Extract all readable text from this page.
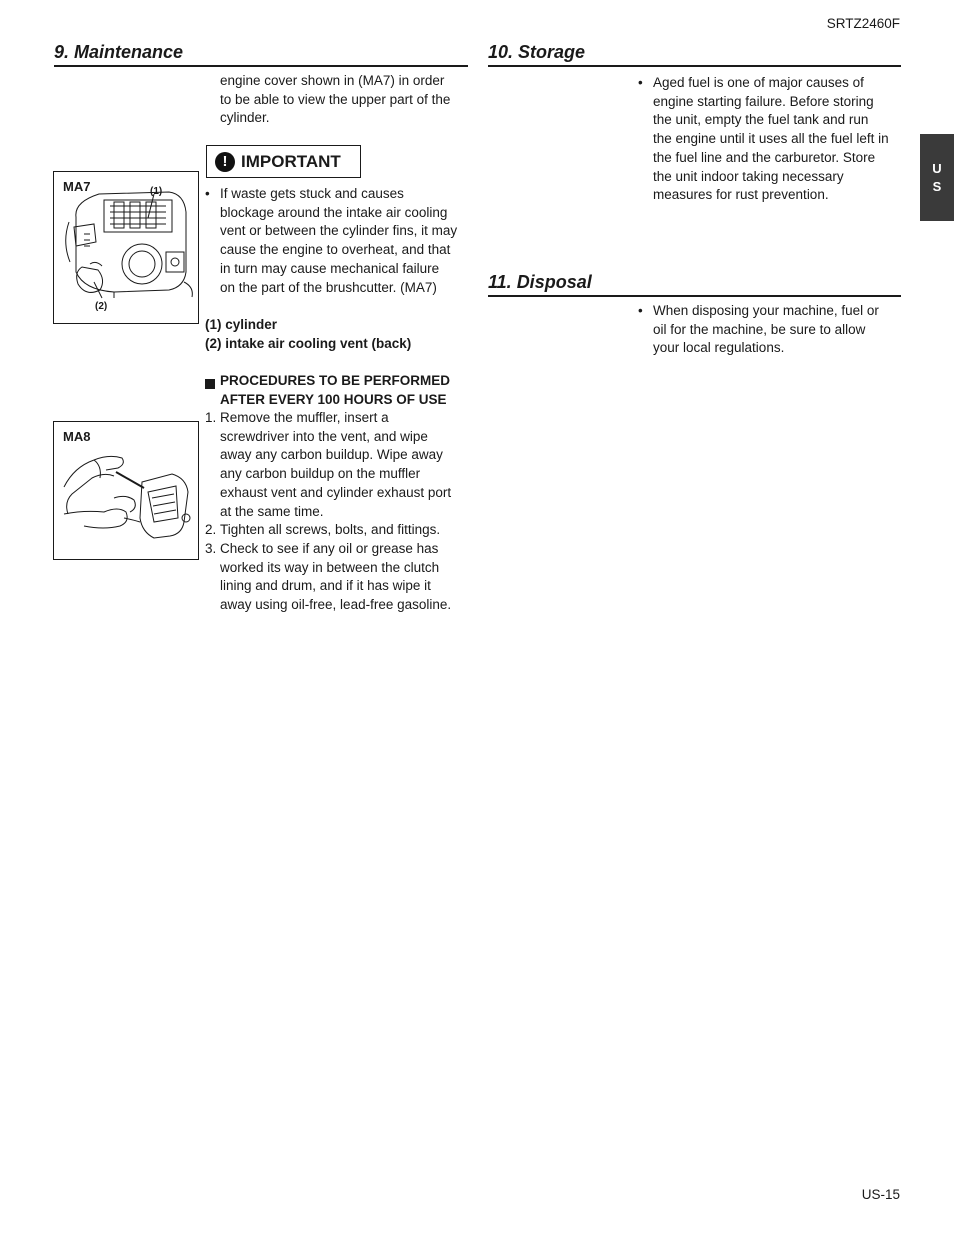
SRTZ2460F
U
S
9. Maintenance
engine cover shown in (MA7) in order
to be able to view the upper part of the
cylinder.
! IMPORTANT
• If waste gets stuck and causes
blockage around the intake air cooling
vent or between the cylinder fins, it may
cause the engine to overheat, and that
in turn may cause mechanical failure
on the part of the brushcutter. (MA7)
(1) cylinder
(2) intake air cooling vent (back)
PROCEDURES TO BE PERFORMED
AFTER EVERY 100 HOURS OF USE
1. Remove the muffler, insert a
screwdriver into the vent, and wipe
away any carbon buildup. Wipe away
any carbon buildup on the muffler
exhaust vent and cylinder exhaust port
at the same time.
2. Tighten all screws, bolts, and fittings.
3. Check to see if any oil or grease has
worked its way in between the clutch
lining and drum, and if it has wipe it
away using oil-free, lead-free gasoline.
MA7	(1)
(2)
MA8
10. Storage
• Aged fuel is one of major causes of
engine starting failure. Before storing
the unit, empty the fuel tank and run
the engine until it uses all the fuel left in
the fuel line and the carburetor. Store
the unit indoor taking necessary
measures for rust prevention.
11. Disposal
• When disposing your machine, fuel or
oil for the machine, be sure to allow
your local regulations.
US-15
